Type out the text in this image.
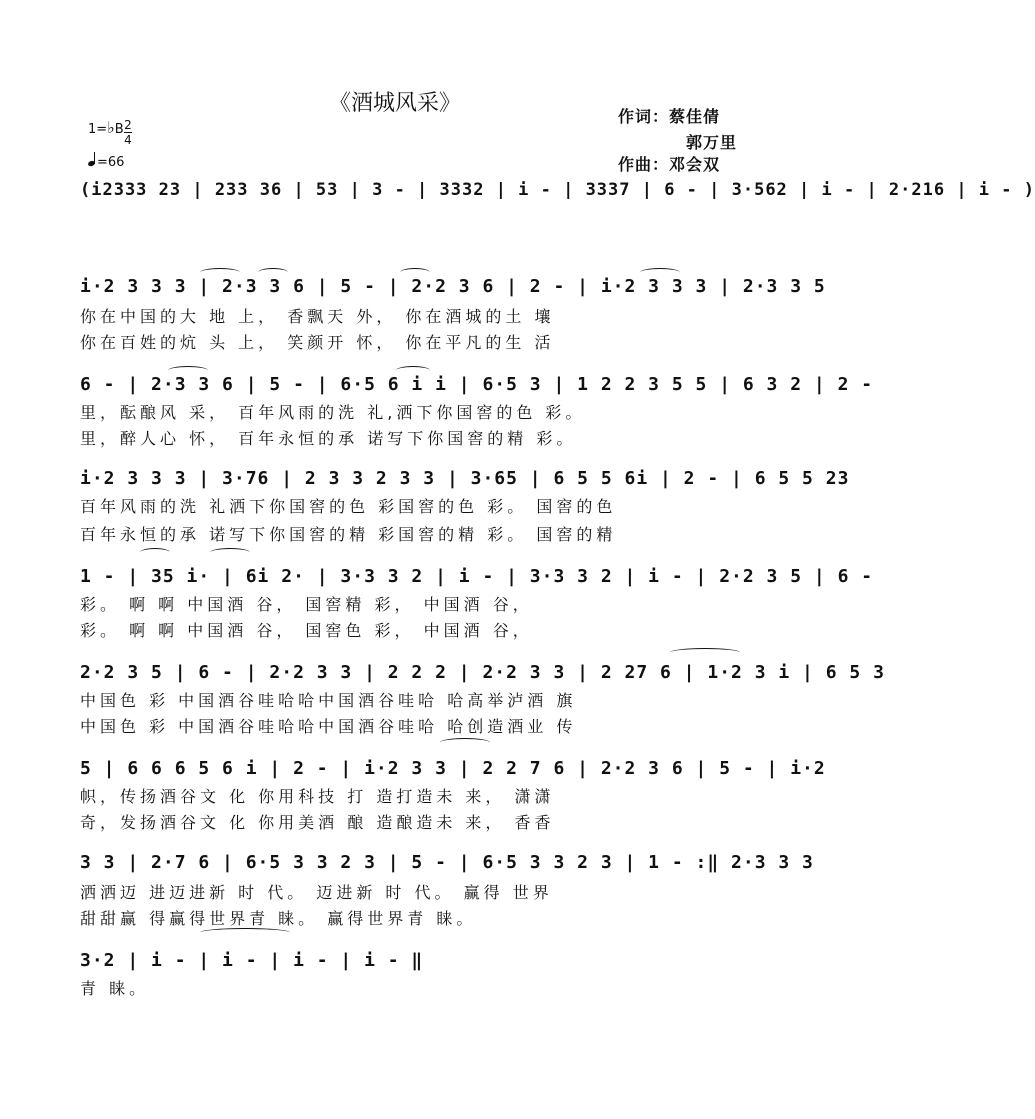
《酒城风采》
作词：蔡佳倩
郭万里
作曲：邓会双
1=♭B 2
4
=66
(i2333 23 | 233 36 | 53 | 3 - | 3332 | i - | 3337 | 6 - | 3·562 | i - | 2·216 | i - )
i·2 3 3 3 | 2·3 3 6 | 5 - | 2·2 3 6 | 2 - | i·2 3 3 3 | 2·3 3 5
你在中国的大 地 上， 香飘天 外， 你在酒城的土 壤
你在百姓的炕 头 上， 笑颜开 怀， 你在平凡的生 活
6 - | 2·3 3 6 | 5 - | 6·5 6 i i | 6·5 3 | 1 2 2 3 5 5 | 6 3 2 | 2 -
里，酝酿风 采， 百年风雨的洗 礼,洒下你国窖的色 彩。
里，醉人心 怀， 百年永恒的承 诺写下你国窖的精 彩。
i·2 3 3 3 | 3·76 | 2 3 3 2 3 3 | 3·65 | 6 5 5 6i | 2 - | 6 5 5 23
百年风雨的洗 礼洒下你国窖的色 彩国窖的色 彩。 国窖的色
百年永恒的承 诺写下你国窖的精 彩国窖的精 彩。 国窖的精
1 - | 35 i· | 6i 2· | 3·3 3 2 | i - | 3·3 3 2 | i - | 2·2 3 5 | 6 -
彩。 啊 啊 中国酒 谷， 国窖精 彩， 中国酒 谷，
彩。 啊 啊 中国酒 谷， 国窖色 彩， 中国酒 谷，
2·2 3 5 | 6 - | 2·2 3 3 | 2 2 2 | 2·2 3 3 | 2 27 6 | 1·2 3 i | 6 5 3
中国色 彩 中国酒谷哇哈哈中国酒谷哇哈 哈高举泸酒 旗
中国色 彩 中国酒谷哇哈哈中国酒谷哇哈 哈创造酒业 传
5 | 6 6 6 5 6 i | 2 - | i·2 3 3 | 2 2 7 6 | 2·2 3 6 | 5 - | i·2
帜，传扬酒谷文 化 你用科技 打 造打造未 来， 潇潇
奇，发扬酒谷文 化 你用美酒 酿 造酿造未 来， 香香
3 3 | 2·7 6 | 6·5 3 3 2 3 | 5 - | 6·5 3 3 2 3 | 1 - :‖ 2·3 3 3
洒洒迈 进迈进新 时 代。 迈进新 时 代。 赢得 世界
甜甜赢 得赢得世界青 睐。 赢得世界青 睐。
3·2 | i - | i - | i - | i - ‖
青 睐。
